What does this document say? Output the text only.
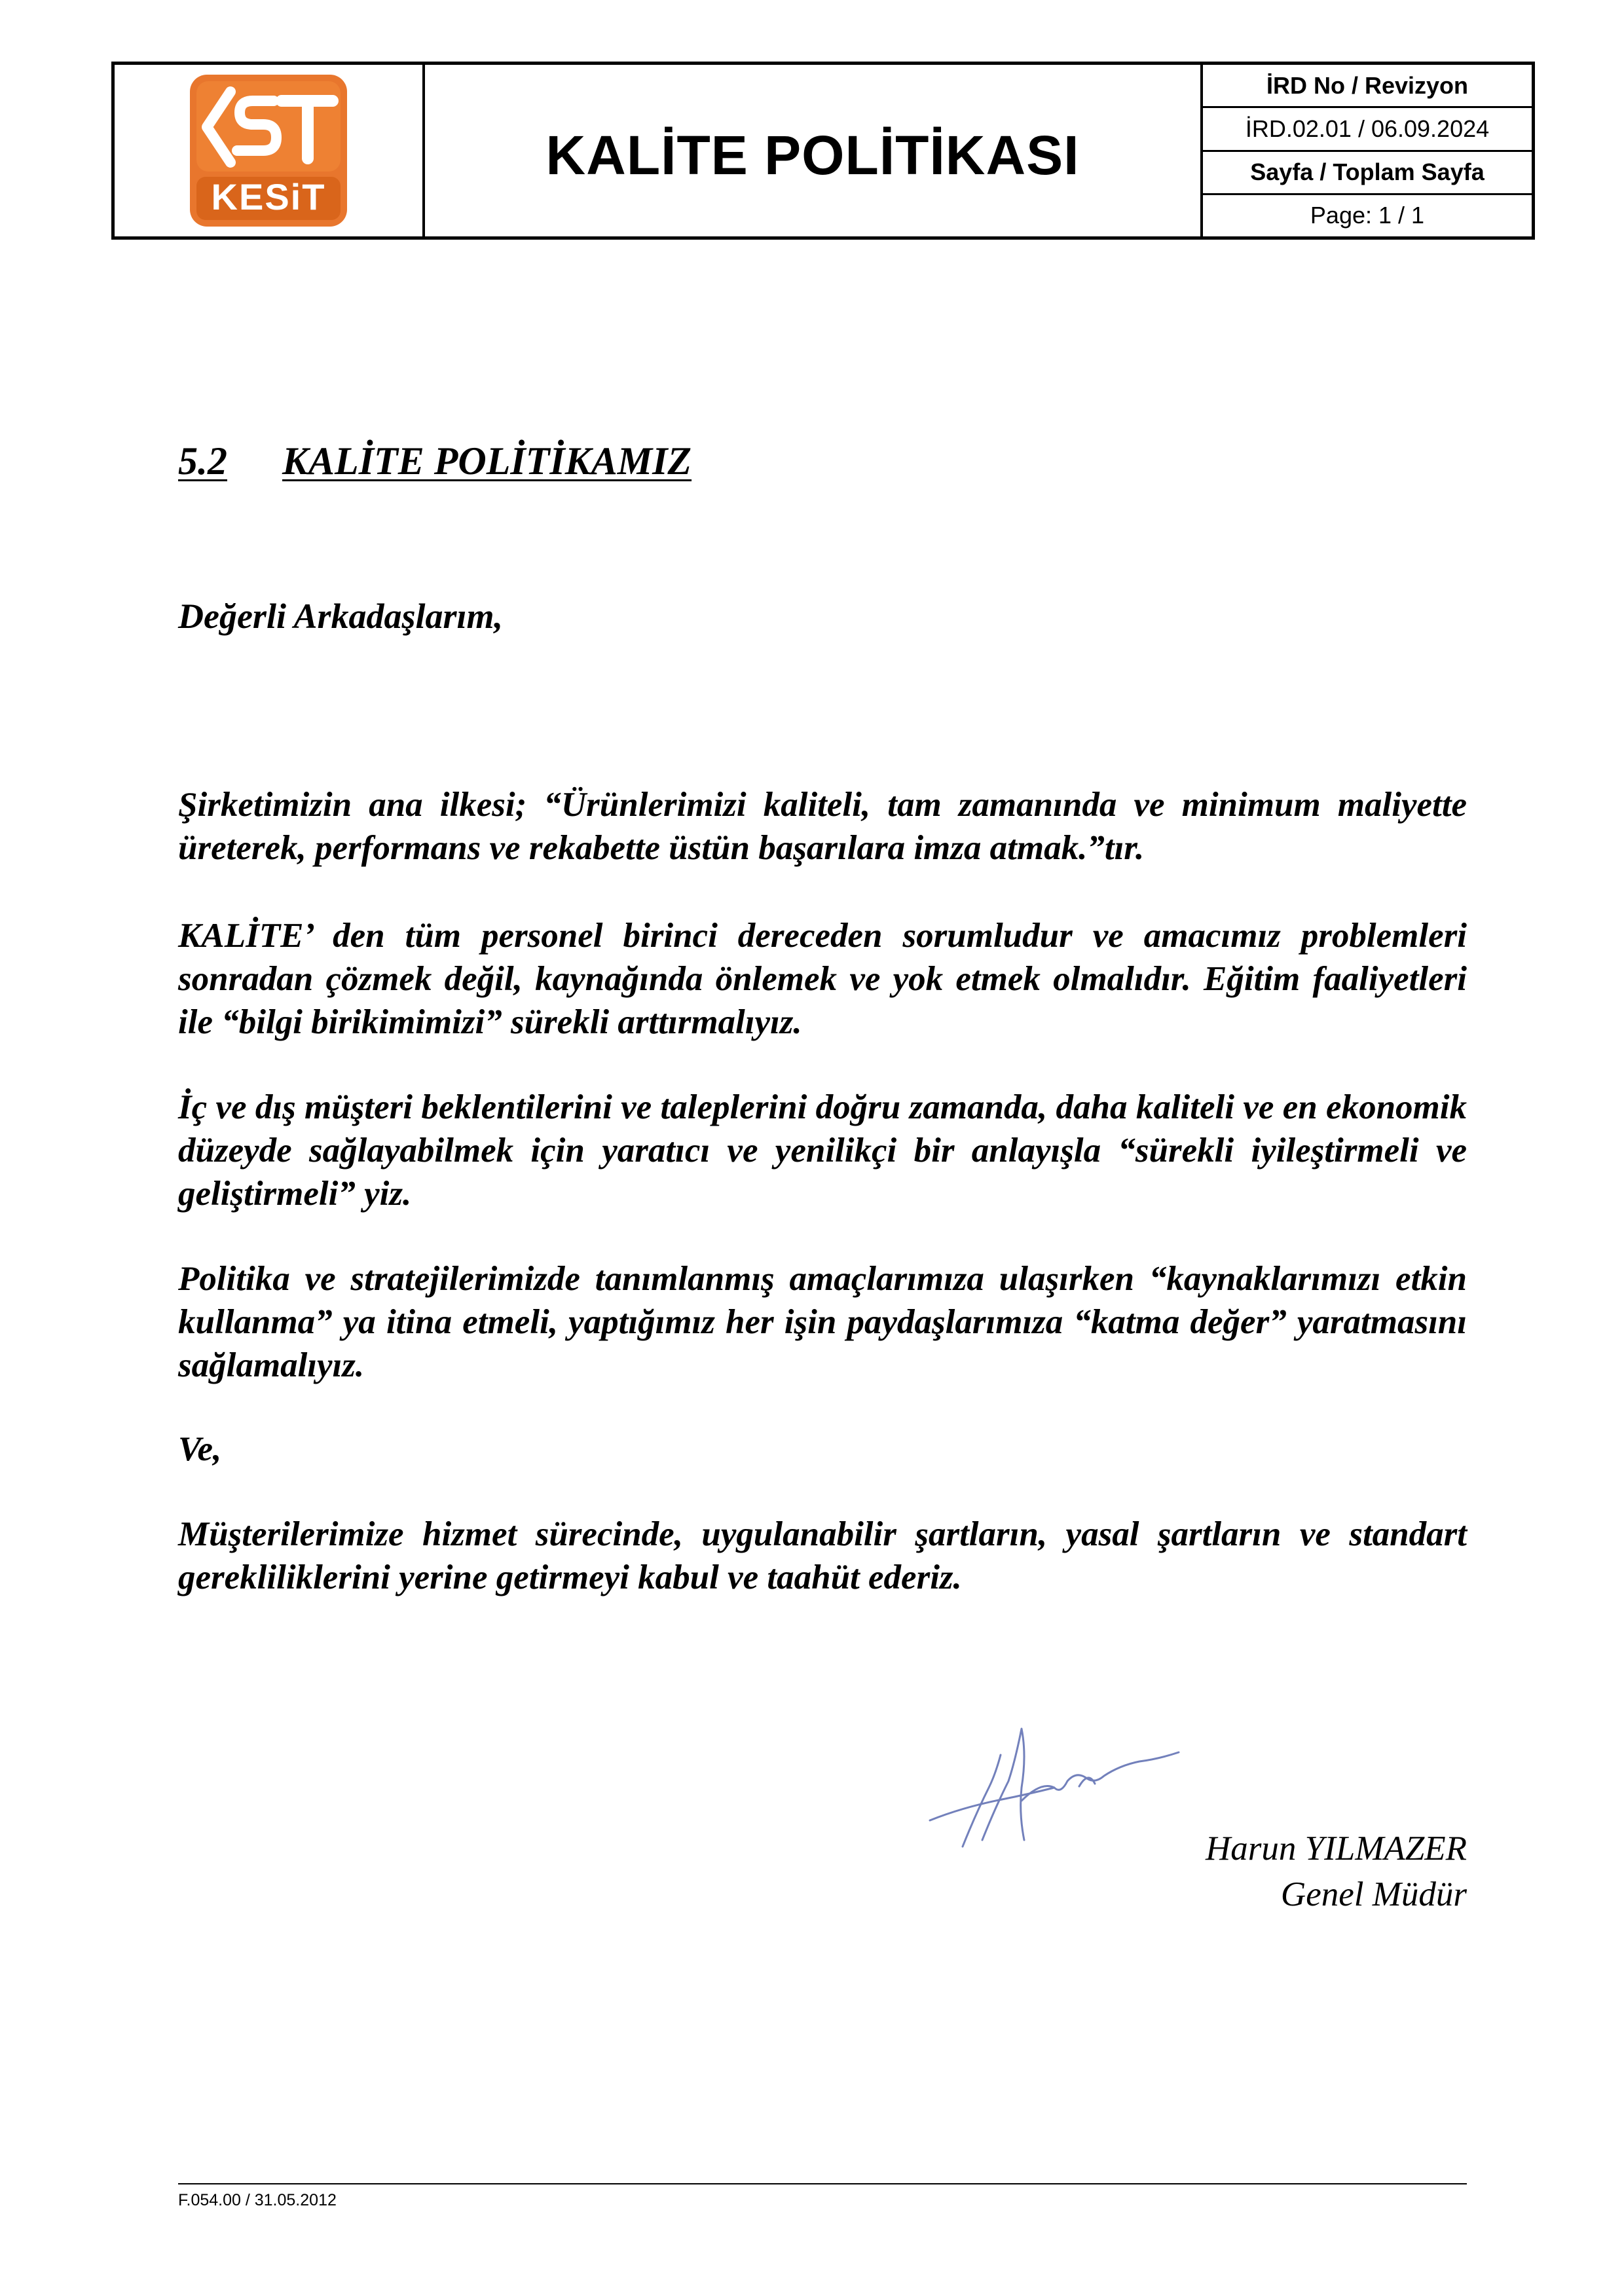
KESiT
KALİTE POLİTİKASI
İRD No / Revizyon
İRD.02.01 / 06.09.2024
Sayfa / Toplam Sayfa
Page: 1 / 1
5.2 KALİTE POLİTİKAMIZ
Değerli Arkadaşlarım,

Şirketimizin ana ilkesi; “Ürünlerimizi kaliteli, tam zamanında ve minimum maliyette üreterek, performans ve rekabette üstün başarılara imza atmak.”tır.

KALİTE’ den tüm personel birinci dereceden sorumludur ve amacımız problemleri sonradan çözmek değil, kaynağında önlemek ve yok etmek olmalıdır. Eğitim faaliyetleri ile “bilgi birikimimizi” sürekli arttırmalıyız.

İç ve dış müşteri beklentilerini ve taleplerini doğru zamanda, daha kaliteli ve en ekonomik düzeyde sağlayabilmek için yaratıcı ve yenilikçi bir anlayışla “sürekli iyileştirmeli ve geliştirmeli” yiz.

Politika ve stratejilerimizde tanımlanmış amaçlarımıza ulaşırken “kaynaklarımızı etkin kullanma” ya itina etmeli, yaptığımız her işin paydaşlarımıza “katma değer” yaratmasını sağlamalıyız.

Ve,

Müşterilerimize hizmet sürecinde, uygulanabilir şartların, yasal şartların ve standart gerekliliklerini yerine getirmeyi kabul ve taahüt ederiz.

Harun YILMAZER
Genel Müdür
F.054.00 / 31.05.2012
